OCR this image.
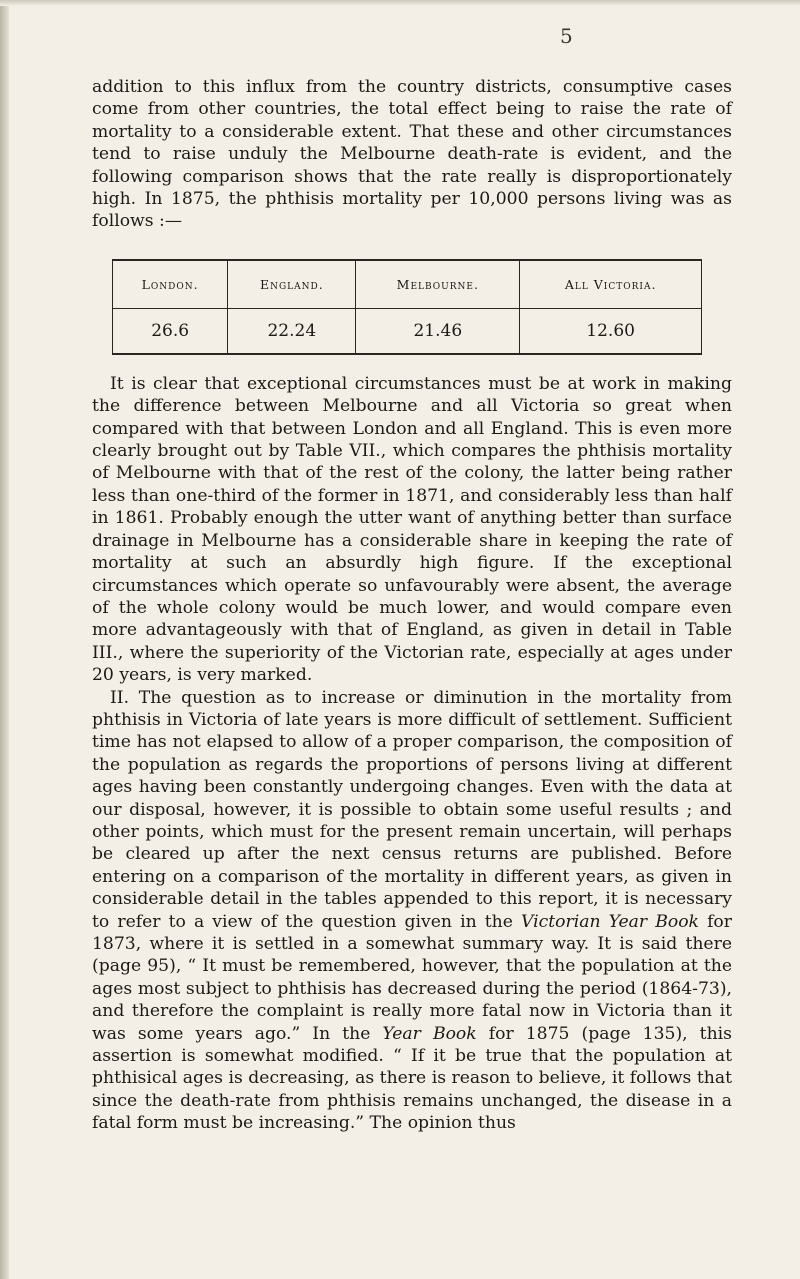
5

addition to this influx from the country districts, consumptive cases come from other countries, the total effect being to raise the rate of mortality to a considerable extent. That these and other circumstances tend to raise unduly the Melbourne death-rate is evident, and the following comparison shows that the rate really is disproportionately high. In 1875, the phthisis mortality per 10,000 persons living was as follows :—

London.	England.	Melbourne.	All Victoria.
26.6	22.24	21.46	12.60

It is clear that exceptional circumstances must be at work in making the difference between Melbourne and all Victoria so great when compared with that between London and all England. This is even more clearly brought out by Table VII., which compares the phthisis mortality of Melbourne with that of the rest of the colony, the latter being rather less than one-third of the former in 1871, and considerably less than half in 1861. Probably enough the utter want of anything better than surface drainage in Melbourne has a considerable share in keeping the rate of mortality at such an absurdly high figure. If the exceptional circumstances which operate so unfavourably were absent, the average of the whole colony would be much lower, and would compare even more advantageously with that of England, as given in detail in Table III., where the superiority of the Victorian rate, especially at ages under 20 years, is very marked.

II. The question as to increase or diminution in the mortality from phthisis in Victoria of late years is more difficult of settlement. Sufficient time has not elapsed to allow of a proper comparison, the composition of the population as regards the proportions of persons living at different ages having been constantly undergoing changes. Even with the data at our disposal, however, it is possible to obtain some useful results ; and other points, which must for the present remain uncertain, will perhaps be cleared up after the next census returns are published. Before entering on a comparison of the mortality in different years, as given in considerable detail in the tables appended to this report, it is necessary to refer to a view of the question given in the Victorian Year Book for 1873, where it is settled in a somewhat summary way. It is said there (page 95), “ It must be remembered, however, that the population at the ages most subject to phthisis has decreased during the period (1864-73), and therefore the complaint is really more fatal now in Victoria than it was some years ago.” In the Year Book for 1875 (page 135), this assertion is somewhat modified. “ If it be true that the population at phthisical ages is decreasing, as there is reason to believe, it follows that since the death-rate from phthisis remains unchanged, the disease in a fatal form must be increasing.” The opinion thus
